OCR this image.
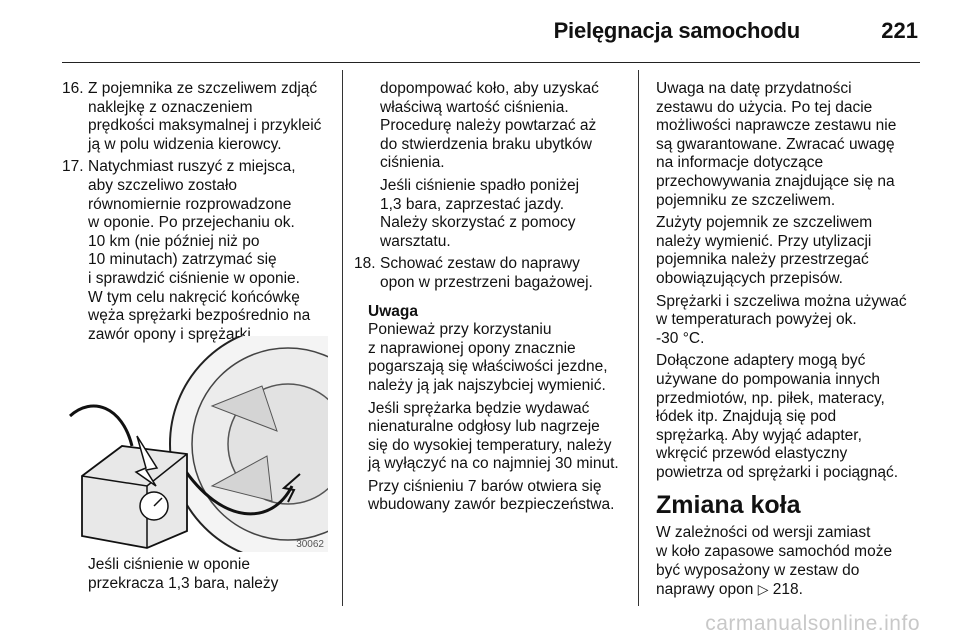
Pielęgnacja samochodu	221
16. Z pojemnika ze szczeliwem zdjąć
naklejkę z oznaczeniem
prędkości maksymalnej i przykleić
ją w polu widzenia kierowcy.
17. Natychmiast ruszyć z miejsca,
aby szczeliwo zostało
równomiernie rozprowadzone
w oponie. Po przejechaniu ok.
10 km (nie później niż po
10 minutach) zatrzymać się
i sprawdzić ciśnienie w oponie.
W tym celu nakręcić końcówkę
węża sprężarki bezpośrednio na
zawór opony i sprężarki.
30062
Jeśli ciśnienie w oponie
przekracza 1,3 bara, należy
dopompować koło, aby uzyskać
właściwą wartość ciśnienia.
Procedurę należy powtarzać aż
do stwierdzenia braku ubytków
ciśnienia.
Jeśli ciśnienie spadło poniżej
1,3 bara, zaprzestać jazdy.
Należy skorzystać z pomocy
warsztatu.
18. Schować zestaw do naprawy
opon w przestrzeni bagażowej.
Uwaga
Ponieważ przy korzystaniu
z naprawionej opony znacznie
pogarszają się właściwości jezdne,
należy ją jak najszybciej wymienić.
Jeśli sprężarka będzie wydawać
nienaturalne odgłosy lub nagrzeje
się do wysokiej temperatury, należy
ją wyłączyć na co najmniej 30 minut.
Przy ciśnieniu 7 barów otwiera się
wbudowany zawór bezpieczeństwa.
Uwaga na datę przydatności
zestawu do użycia. Po tej dacie
możliwości naprawcze zestawu nie
są gwarantowane. Zwracać uwagę
na informacje dotyczące
przechowywania znajdujące się na
pojemniku ze szczeliwem.
Zużyty pojemnik ze szczeliwem
należy wymienić. Przy utylizacji
pojemnika należy przestrzegać
obowiązujących przepisów.
Sprężarki i szczeliwa można używać
w temperaturach powyżej ok.
-30 °C.
Dołączone adaptery mogą być
używane do pompowania innych
przedmiotów, np. piłek, materacy,
łódek itp. Znajdują się pod
sprężarką. Aby wyjąć adapter,
wkręcić przewód elastyczny
powietrza od sprężarki i pociągnąć.
Zmiana koła
W zależności od wersji zamiast
w koło zapasowe samochód może
być wyposażony w zestaw do
naprawy opon ▷ 218.
carmanualsonline.info
